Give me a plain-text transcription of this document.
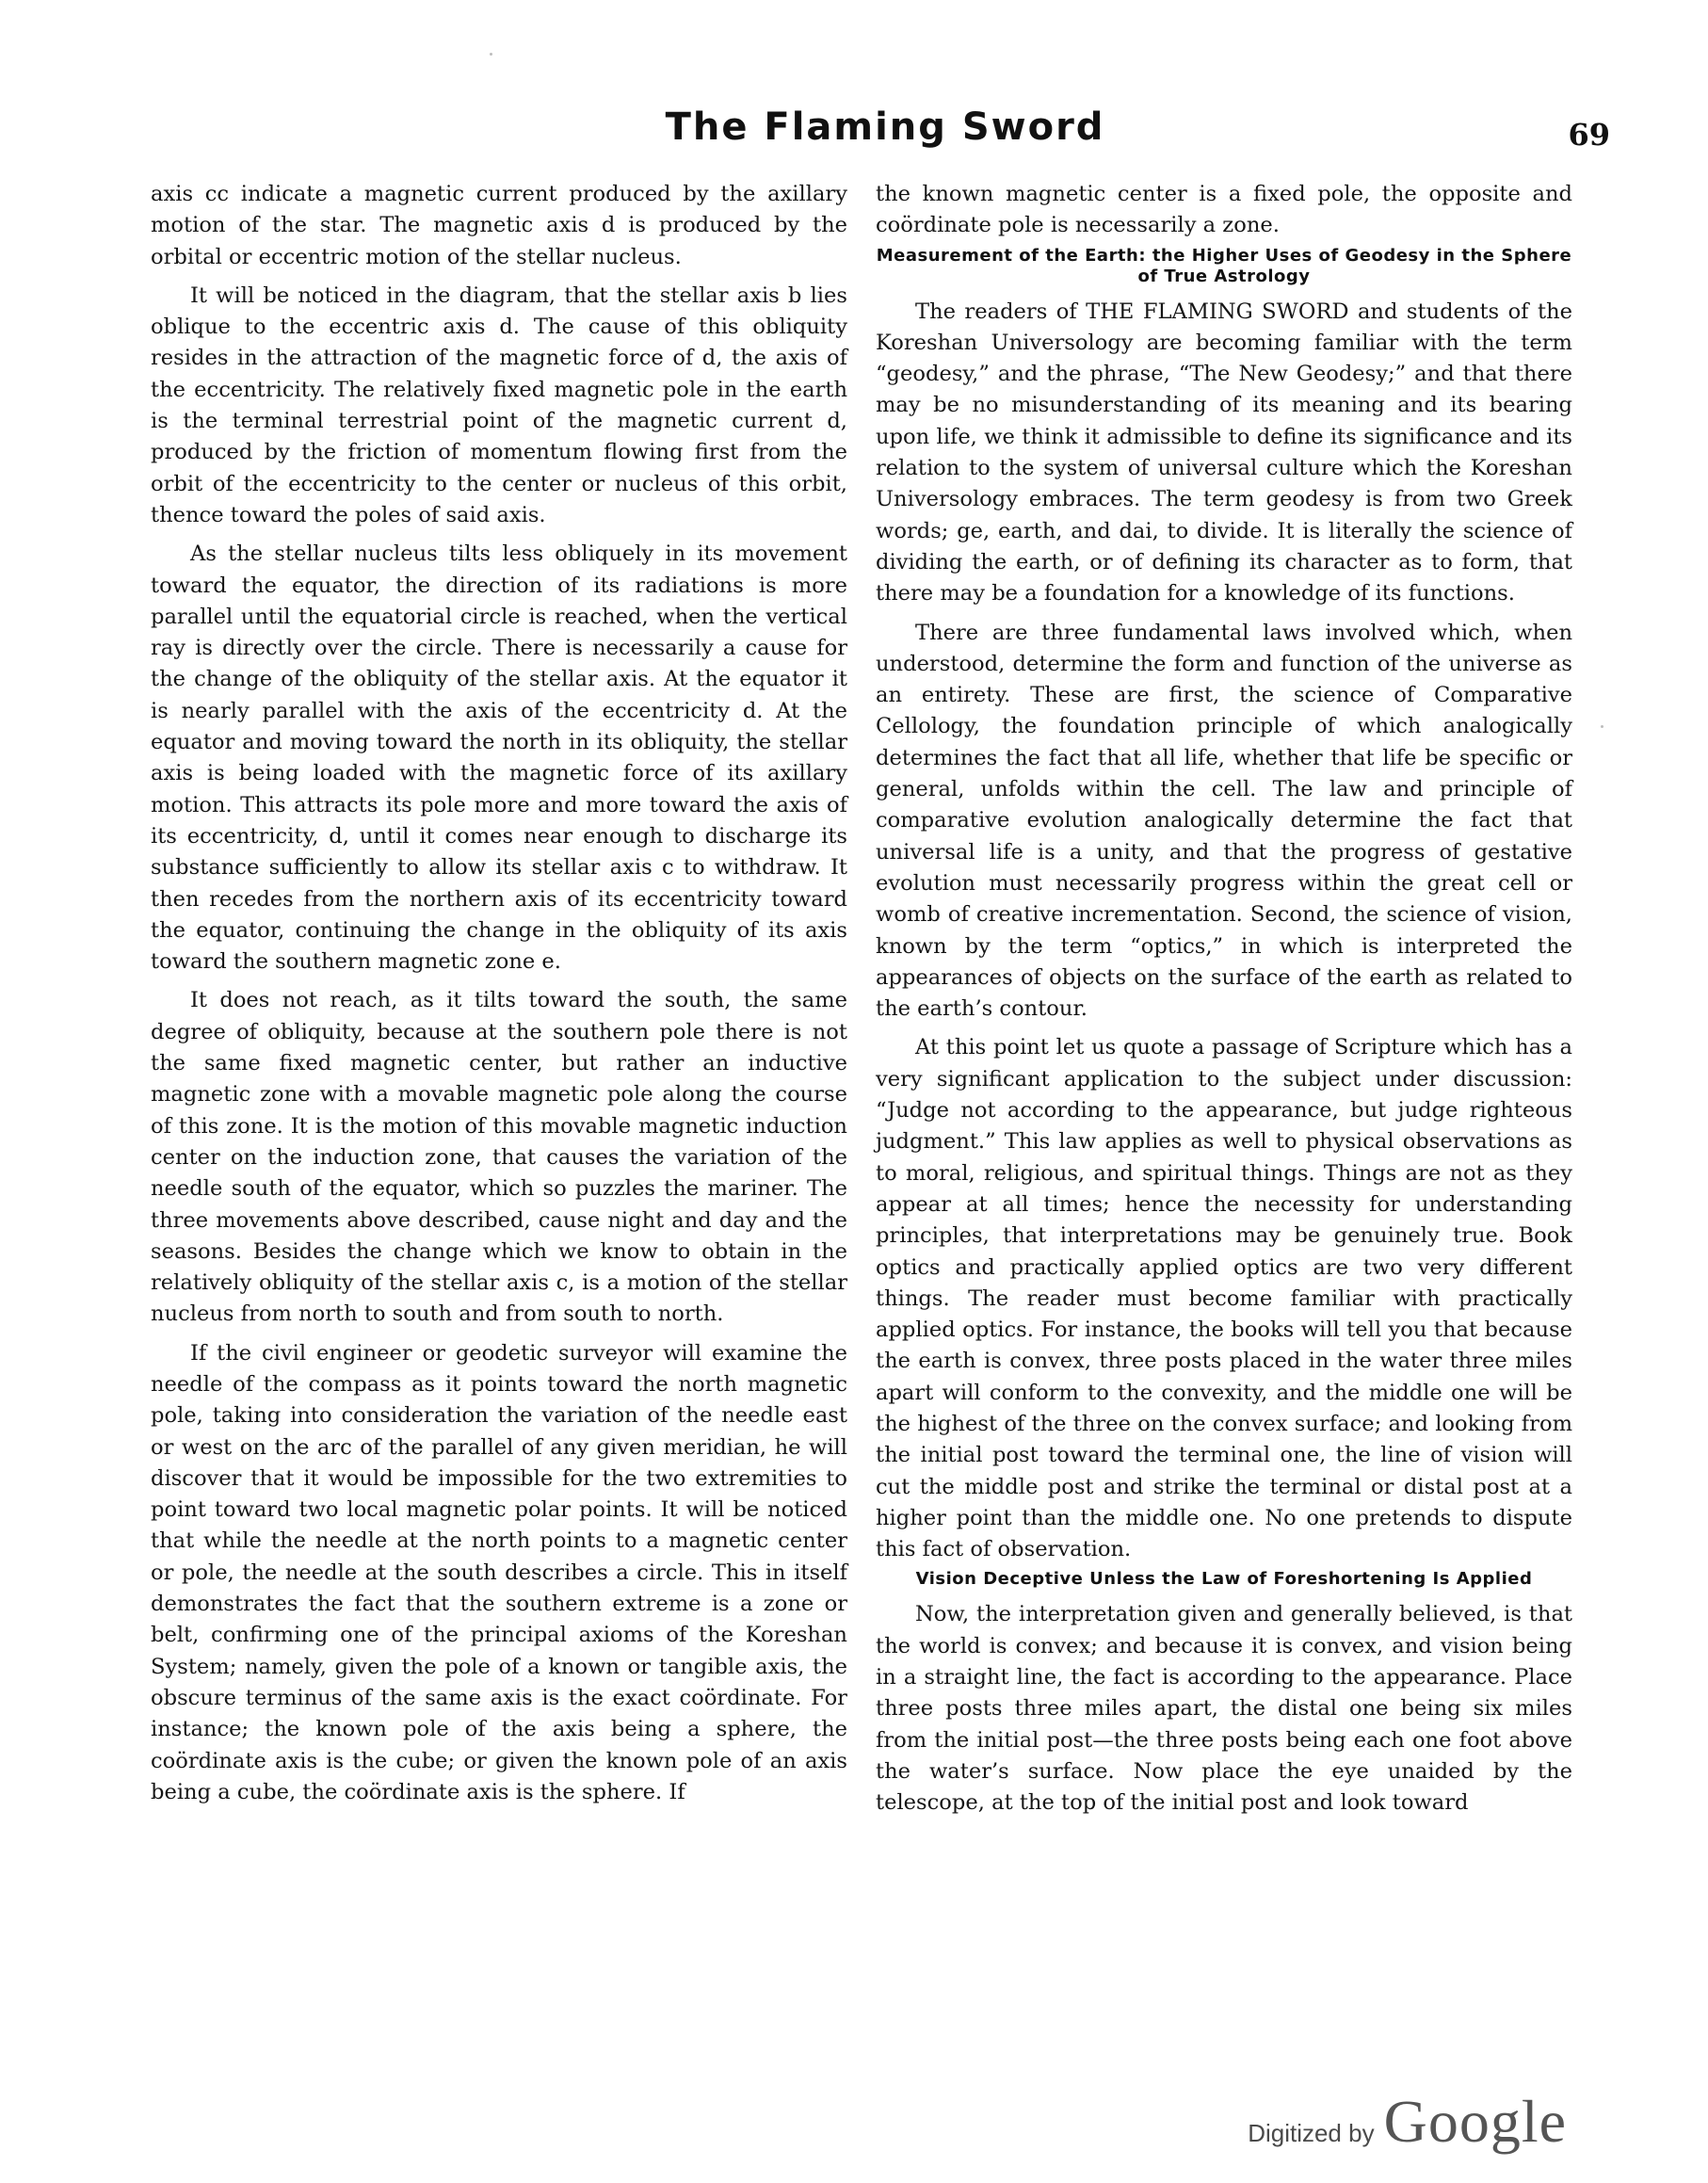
The Flaming Sword	69

axis cc indicate a magnetic current produced by the axillary motion of the star. The magnetic axis d is produced by the orbital or eccentric motion of the stellar nucleus.

It will be noticed in the diagram, that the stellar axis b lies oblique to the eccentric axis d. The cause of this obliquity resides in the attraction of the magnetic force of d, the axis of the eccentricity. The relatively fixed magnetic pole in the earth is the terminal terrestrial point of the magnetic current d, produced by the friction of momentum flowing first from the orbit of the eccentricity to the center or nucleus of this orbit, thence toward the poles of said axis.

As the stellar nucleus tilts less obliquely in its movement toward the equator, the direction of its radiations is more parallel until the equatorial circle is reached, when the vertical ray is directly over the circle. There is necessarily a cause for the change of the obliquity of the stellar axis. At the equator it is nearly parallel with the axis of the eccentricity d. At the equator and moving toward the north in its obliquity, the stellar axis is being loaded with the magnetic force of its axillary motion. This attracts its pole more and more toward the axis of its eccentricity, d, until it comes near enough to discharge its substance sufficiently to allow its stellar axis c to withdraw. It then recedes from the northern axis of its eccentricity toward the equator, continuing the change in the obliquity of its axis toward the southern magnetic zone e.

It does not reach, as it tilts toward the south, the same degree of obliquity, because at the southern pole there is not the same fixed magnetic center, but rather an inductive magnetic zone with a movable magnetic pole along the course of this zone. It is the motion of this movable magnetic induction center on the induction zone, that causes the variation of the needle south of the equator, which so puzzles the mariner. The three movements above described, cause night and day and the seasons. Besides the change which we know to obtain in the relatively obliquity of the stellar axis c, is a motion of the stellar nucleus from north to south and from south to north.

If the civil engineer or geodetic surveyor will examine the needle of the compass as it points toward the north magnetic pole, taking into consideration the variation of the needle east or west on the arc of the parallel of any given meridian, he will discover that it would be impossible for the two extremities to point toward two local magnetic polar points. It will be noticed that while the needle at the north points to a magnetic center or pole, the needle at the south describes a circle. This in itself demonstrates the fact that the southern extreme is a zone or belt, confirming one of the principal axioms of the Koreshan System; namely, given the pole of a known or tangible axis, the obscure terminus of the same axis is the exact coördinate. For instance; the known pole of the axis being a sphere, the coördinate axis is the cube; or given the known pole of an axis being a cube, the coördinate axis is the sphere. If

the known magnetic center is a fixed pole, the opposite and coördinate pole is necessarily a zone.

Measurement of the Earth: the Higher Uses of Geodesy in the Sphere of True Astrology

The readers of THE FLAMING SWORD and students of the Koreshan Universology are becoming familiar with the term “geodesy,” and the phrase, “The New Geodesy;” and that there may be no misunderstanding of its meaning and its bearing upon life, we think it admissible to define its significance and its relation to the system of universal culture which the Koreshan Universology embraces. The term geodesy is from two Greek words; ge, earth, and dai, to divide. It is literally the science of dividing the earth, or of defining its character as to form, that there may be a foundation for a knowledge of its functions.

There are three fundamental laws involved which, when understood, determine the form and function of the universe as an entirety. These are first, the science of Comparative Cellology, the foundation principle of which analogically determines the fact that all life, whether that life be specific or general, unfolds within the cell. The law and principle of comparative evolution analogically determine the fact that universal life is a unity, and that the progress of gestative evolution must necessarily progress within the great cell or womb of creative incrementation. Second, the science of vision, known by the term “optics,” in which is interpreted the appearances of objects on the surface of the earth as related to the earth’s contour.

At this point let us quote a passage of Scripture which has a very significant application to the subject under discussion: “Judge not according to the appearance, but judge righteous judgment.” This law applies as well to physical observations as to moral, religious, and spiritual things. Things are not as they appear at all times; hence the necessity for understanding principles, that interpretations may be genuinely true. Book optics and practically applied optics are two very different things. The reader must become familiar with practically applied optics. For instance, the books will tell you that because the earth is convex, three posts placed in the water three miles apart will conform to the convexity, and the middle one will be the highest of the three on the convex surface; and looking from the initial post toward the terminal one, the line of vision will cut the middle post and strike the terminal or distal post at a higher point than the middle one. No one pretends to dispute this fact of observation.

Vision Deceptive Unless the Law of Foreshortening Is Applied

Now, the interpretation given and generally believed, is that the world is convex; and because it is convex, and vision being in a straight line, the fact is according to the appearance. Place three posts three miles apart, the distal one being six miles from the initial post—the three posts being each one foot above the water’s surface. Now place the eye unaided by the telescope, at the top of the initial post and look toward

Digitized by Google
